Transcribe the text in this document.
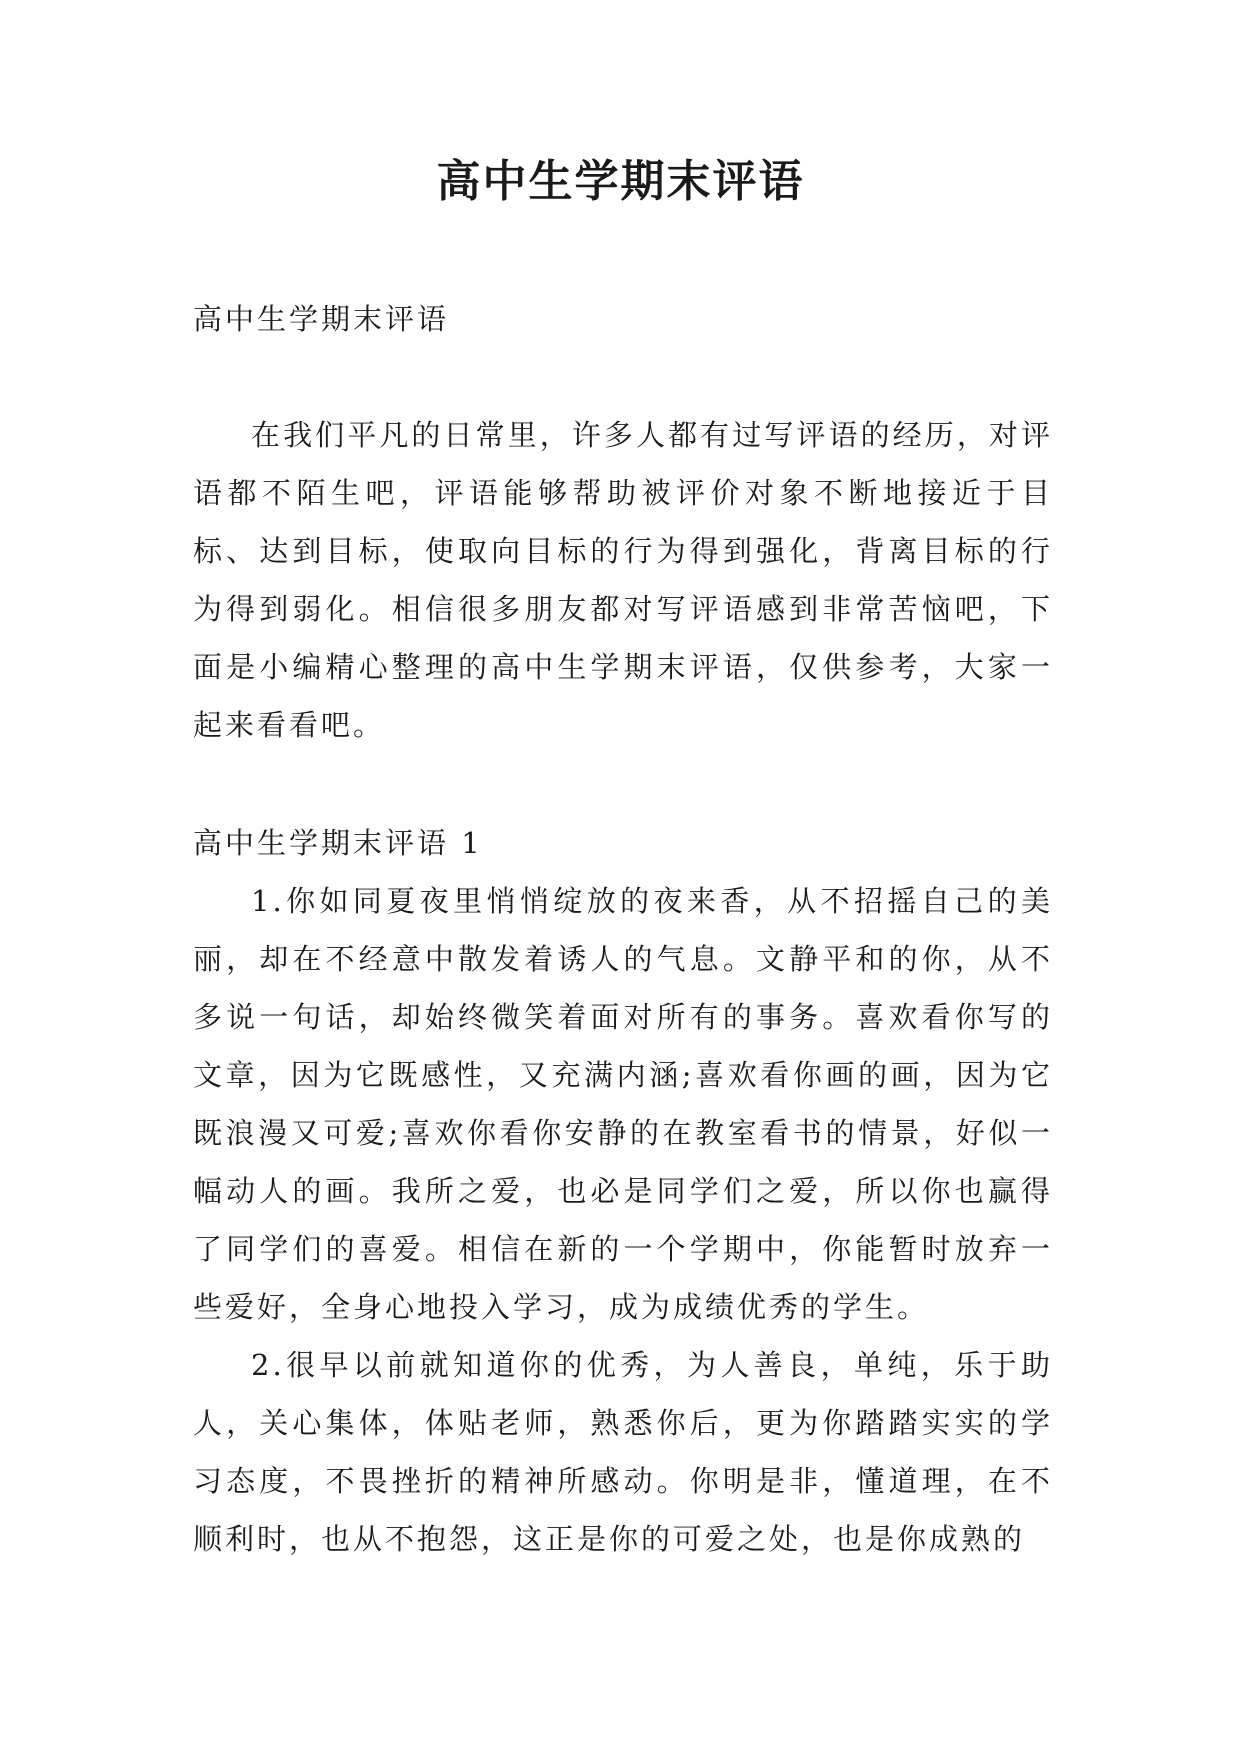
高中生学期末评语

高中生学期末评语

在我们平凡的日常里，许多人都有过写评语的经历，对评语都不陌生吧，评语能够帮助被评价对象不断地接近于目标、达到目标，使取向目标的行为得到强化，背离目标的行为得到弱化。相信很多朋友都对写评语感到非常苦恼吧，下面是小编精心整理的高中生学期末评语，仅供参考，大家一起来看看吧。

高中生学期末评语 1

1.你如同夏夜里悄悄绽放的夜来香，从不招摇自己的美丽，却在不经意中散发着诱人的气息。文静平和的你，从不多说一句话，却始终微笑着面对所有的事务。喜欢看你写的文章，因为它既感性，又充满内涵;喜欢看你画的画，因为它既浪漫又可爱;喜欢你看你安静的在教室看书的情景，好似一幅动人的画。我所之爱，也必是同学们之爱，所以你也赢得了同学们的喜爱。相信在新的一个学期中，你能暂时放弃一些爱好，全身心地投入学习，成为成绩优秀的学生。

2.很早以前就知道你的优秀，为人善良，单纯，乐于助人，关心集体，体贴老师，熟悉你后，更为你踏踏实实的学习态度，不畏挫折的精神所感动。你明是非，懂道理，在不顺利时，也从不抱怨，这正是你的可爱之处，也是你成熟的
